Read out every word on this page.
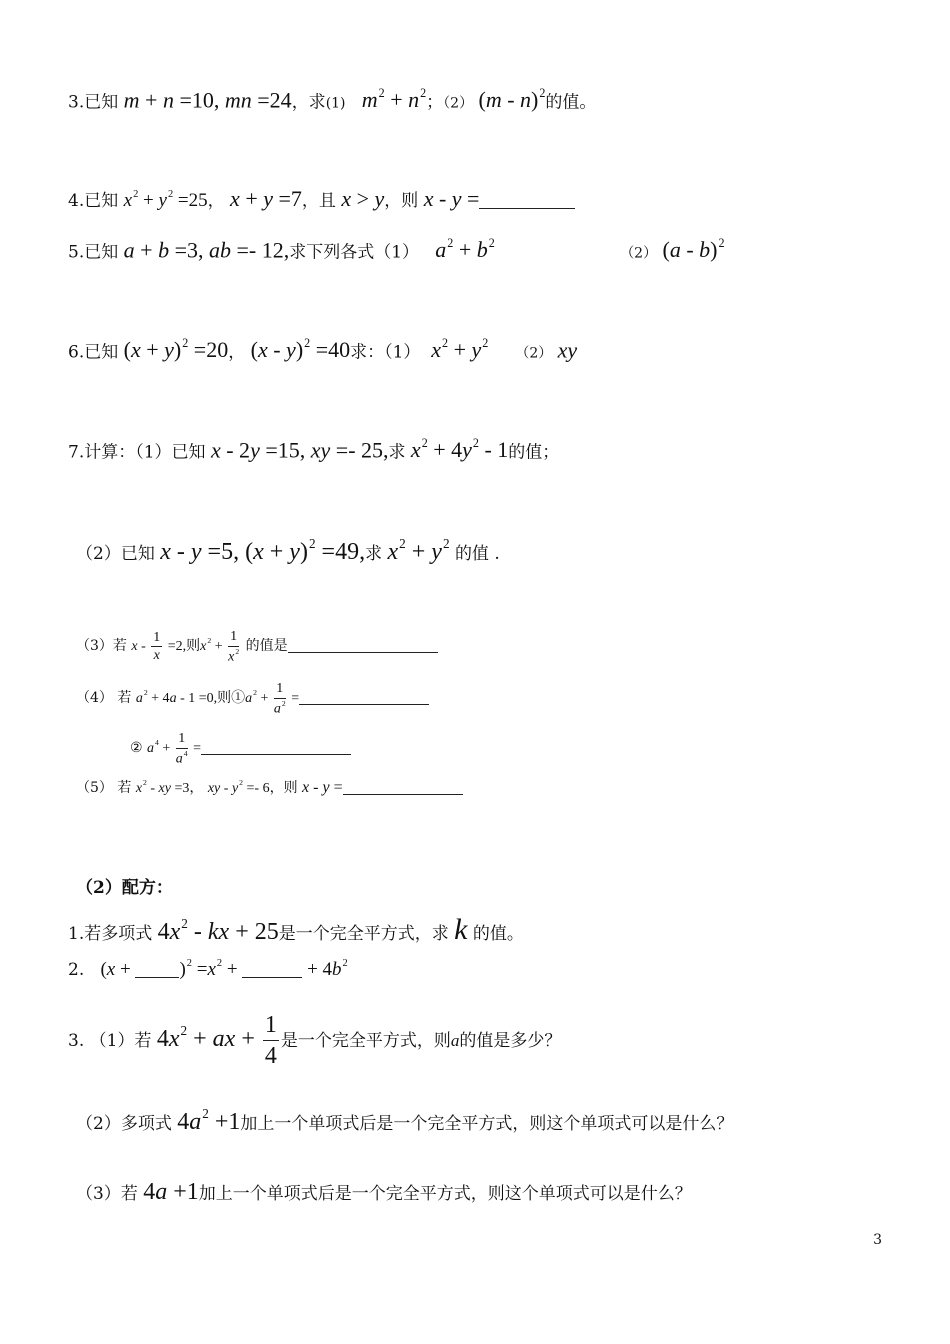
3.已知 m + n =10, mn =24，求(1) $m^2 + n^2$；（2） (m - n)$^2$的值。
4.已知 $x^2 + y^2 =25$， x + y =7，且 x > y，则 x - y =
5.已知 a + b =3, ab =- 12,求下列各式（1） $a^2 + b^2$ （2） (a - b)$^2$
6.已知 $(x + y)^2 =20$， (x - y)$^2$ =40求：（1） $x^2 + y^2$     （2） xy
7.计算：（1）已知 x - 2y =15, xy =- 25,求 $x^2 + 4y^2 - 1$的值；
（2）已知 x - y =5, $(x + y)^2 =49$,求 $x^2 + y^2$ 的值 .
（3）若 $x - \frac{1}{x} =2$,则$x^2 + \frac{1}{x^2}$ 的值是
（4） 若 $a^2 + 4a - 1 =0$,则$①a^2 + \frac{1}{a^2}$ =
② $a^4 + \frac{1}{a^4}$ =
（5） 若 $x^2$ - xy =3， xy - $y^2 =- 6$，则 x - y =
（2）配方：
1.若多项式 $4x^2$ - kx + 25是一个完全平方式，求 k 的值。
2. $(x + )^2 =x^2$ +	+ $4b^2$
3. （1）若 $4x^2$ + ax + $\frac{1}{4}$ 是一个完全平方式，则a的值是多少？
（2）多项式 $4a^2 +1$加上一个单项式后是一个完全平方式，则这个单项式可以是什么？
（3）若 4a +1加上一个单项式后是一个完全平方式，则这个单项式可以是什么？
3
